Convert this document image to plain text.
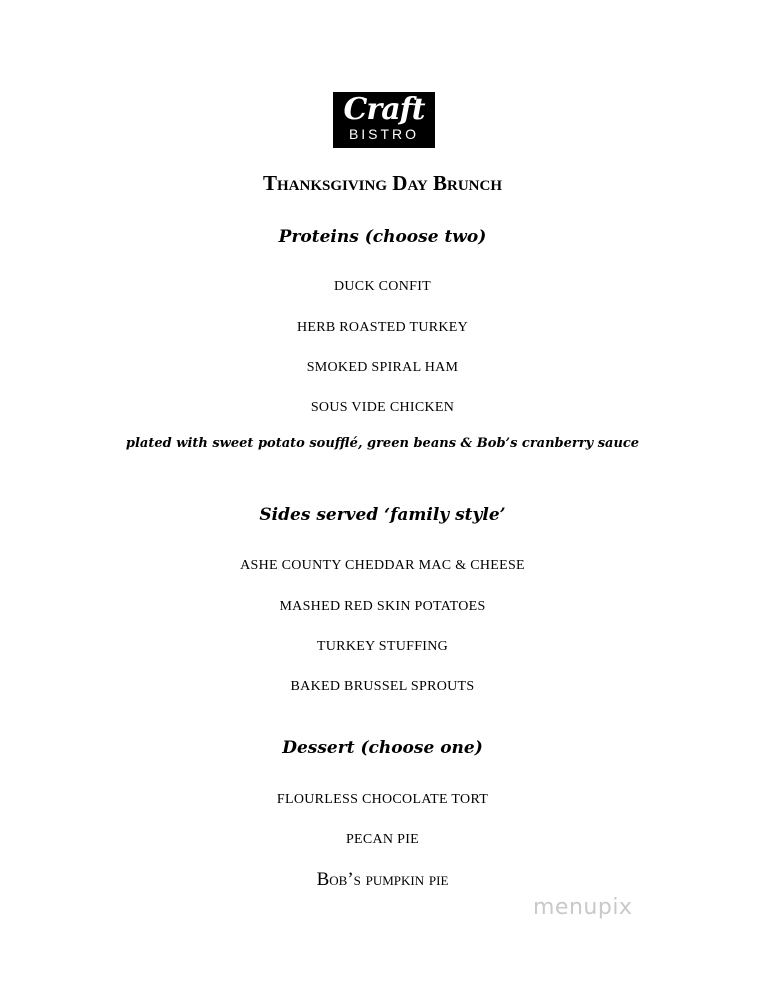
Craft
BISTRO
Thanksgiving Day Brunch
Proteins (choose two)
DUCK CONFIT
HERB ROASTED TURKEY
SMOKED SPIRAL HAM
SOUS VIDE CHICKEN
plated with sweet potato soufflé, green beans & Bob’s cranberry sauce
Sides served ‘family style’
ASHE COUNTY CHEDDAR MAC & CHEESE
MASHED RED SKIN POTATOES
TURKEY STUFFING
BAKED BRUSSEL SPROUTS
Dessert (choose one)
FLOURLESS CHOCOLATE TORT
PECAN PIE
Bob’s pumpkin pie
menupix
